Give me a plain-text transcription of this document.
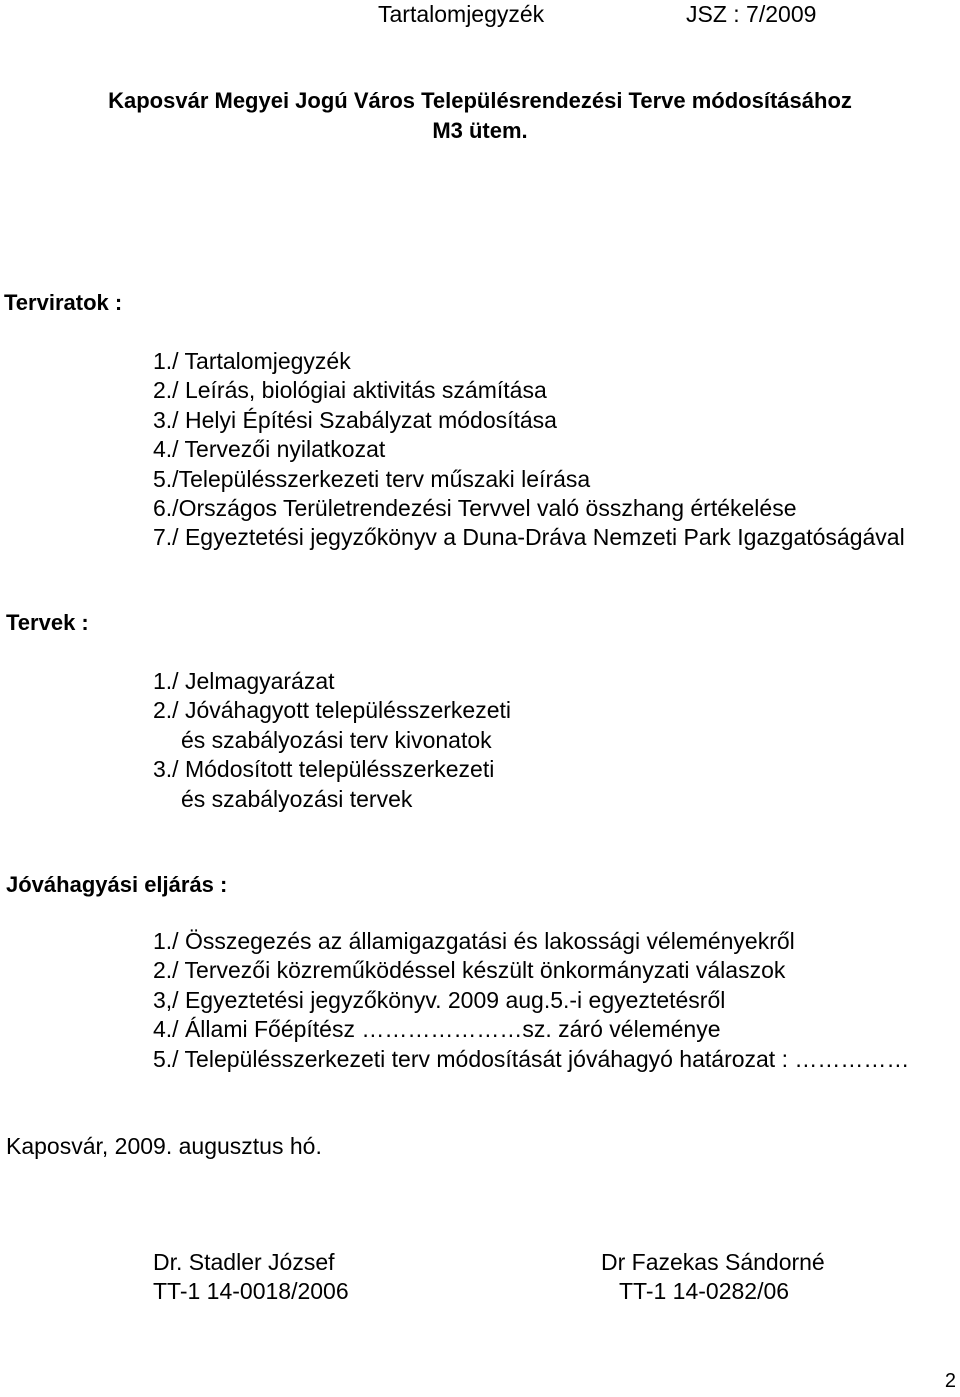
Tartalomjegyzék	JSZ : 7/2009
Kaposvár Megyei Jogú Város Településrendezési Terve módosításához
M3 ütem.
Terviratok :
1./ Tartalomjegyzék
2./ Leírás, biológiai aktivitás számítása
3./ Helyi Építési Szabályzat módosítása
4./ Tervezői nyilatkozat
5./Településszerkezeti terv műszaki leírása
6./Országos Területrendezési Tervvel való összhang értékelése
7./ Egyeztetési jegyzőkönyv a Duna-Dráva Nemzeti Park Igazgatóságával
Tervek :
1./ Jelmagyarázat
2./ Jóváhagyott településszerkezeti
és szabályozási terv kivonatok
3./ Módosított településszerkezeti
és szabályozási tervek
Jóváhagyási eljárás :
1./ Összegezés az államigazgatási és lakossági véleményekről
2./ Tervezői közreműködéssel készült önkormányzati válaszok
3,/ Egyeztetési jegyzőkönyv. 2009 aug.5.-i egyeztetésről
4./ Állami Főépítész …………………sz. záró véleménye
5./ Településszerkezeti terv módosítását jóváhagyó határozat : ……………
Kaposvár, 2009. augusztus hó.
Dr. Stadler József
TT-1 14-0018/2006
Dr Fazekas Sándorné
TT-1 14-0282/06
2
